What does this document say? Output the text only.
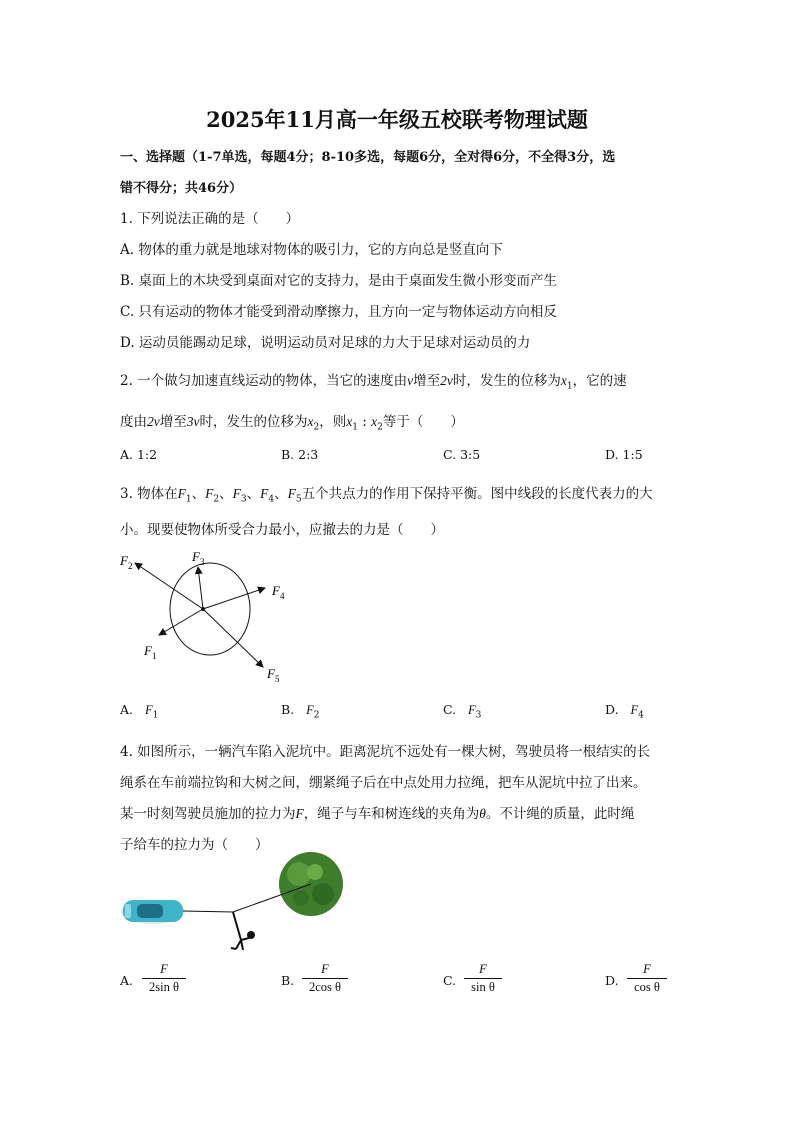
2025年11月高一年级五校联考物理试题
一、选择题（1-7单选，每题4分；8-10多选，每题6分，全对得6分，不全得3分，选
错不得分；共46分）
1. 下列说法正确的是（　　）
A. 物体的重力就是地球对物体的吸引力，它的方向总是竖直向下
B. 桌面上的木块受到桌面对它的支持力，是由于桌面发生微小形变而产生
C. 只有运动的物体才能受到滑动摩擦力，且方向一定与物体运动方向相反
D. 运动员能踢动足球，说明运动员对足球的力大于足球对运动员的力
2. 一个做匀加速直线运动的物体，当它的速度由v增至2v时，发生的位移为$x_1$，它的速
度由2v增至3v时，发生的位移为$x_2$，则$x_1$ : $x_2$等于（　　）
A. 1:2	B. 2:3	C. 3:5	D. 1:5
3. 物体在$F_1$、$F_2$、$F_3$、$F_4$、$F_5$五个共点力的作用下保持平衡。图中线段的长度代表力的大
小。现要使物体所受合力最小，应撤去的力是（　　）
$F_2$
$F_3$
$F_4$
$F_1$
$F_5$
A. $F_1$	B. $F_2$	C. $F_3$	D. $F_4$
4. 如图所示，一辆汽车陷入泥坑中。距离泥坑不远处有一棵大树，驾驶员将一根结实的长
绳系在车前端拉钩和大树之间，绷紧绳子后在中点处用力拉绳，把车从泥坑中拉了出来。
某一时刻驾驶员施加的拉力为F，绳子与车和树连线的夹角为θ。不计绳的质量，此时绳
子给车的拉力为（　　）
A.
F
2sin θ	B.
F
2cos θ	C.
F
sin θ	D.
F
cos θ
